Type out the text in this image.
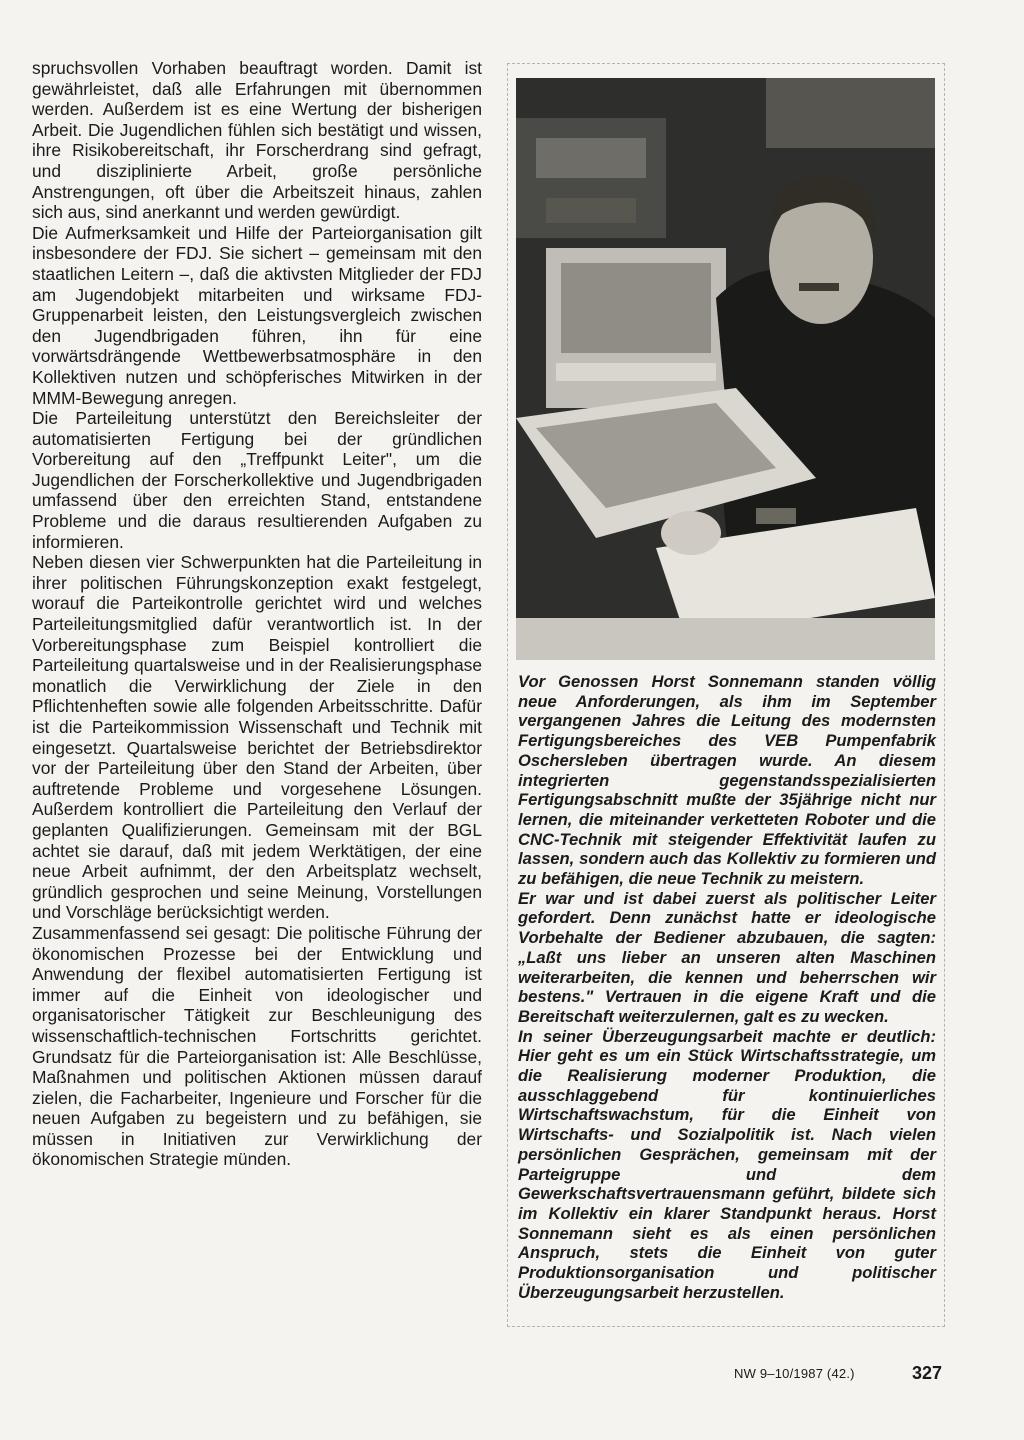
spruchsvollen Vorhaben beauftragt worden. Damit ist gewährleistet, daß alle Erfahrungen mit übernommen werden. Außerdem ist es eine Wertung der bisherigen Arbeit. Die Jugendlichen fühlen sich bestätigt und wissen, ihre Risikobereitschaft, ihr Forscherdrang sind gefragt, und disziplinierte Arbeit, große persönliche Anstrengungen, oft über die Arbeitszeit hinaus, zahlen sich aus, sind anerkannt und werden gewürdigt.

Die Aufmerksamkeit und Hilfe der Parteiorganisation gilt insbesondere der FDJ. Sie sichert – gemeinsam mit den staatlichen Leitern –, daß die aktivsten Mitglieder der FDJ am Jugendobjekt mitarbeiten und wirksame FDJ-Gruppenarbeit leisten, den Leistungsvergleich zwischen den Jugendbrigaden führen, ihn für eine vorwärtsdrängende Wettbewerbsatmosphäre in den Kollektiven nutzen und schöpferisches Mitwirken in der MMM-Bewegung anregen.

Die Parteileitung unterstützt den Bereichsleiter der automatisierten Fertigung bei der gründlichen Vorbereitung auf den „Treffpunkt Leiter", um die Jugendlichen der Forscherkollektive und Jugendbrigaden umfassend über den erreichten Stand, entstandene Probleme und die daraus resultierenden Aufgaben zu informieren.

Neben diesen vier Schwerpunkten hat die Parteileitung in ihrer politischen Führungskonzeption exakt festgelegt, worauf die Parteikontrolle gerichtet wird und welches Parteileitungsmitglied dafür verantwortlich ist. In der Vorbereitungsphase zum Beispiel kontrolliert die Parteileitung quartalsweise und in der Realisierungsphase monatlich die Verwirklichung der Ziele in den Pflichtenheften sowie alle folgenden Arbeitsschritte. Dafür ist die Parteikommission Wissenschaft und Technik mit eingesetzt. Quartalsweise berichtet der Betriebsdirektor vor der Parteileitung über den Stand der Arbeiten, über auftretende Probleme und vorgesehene Lösungen. Außerdem kontrolliert die Parteileitung den Verlauf der geplanten Qualifizierungen. Gemeinsam mit der BGL achtet sie darauf, daß mit jedem Werktätigen, der eine neue Arbeit aufnimmt, der den Arbeitsplatz wechselt, gründlich gesprochen und seine Meinung, Vorstellungen und Vorschläge berücksichtigt werden.

Zusammenfassend sei gesagt: Die politische Führung der ökonomischen Prozesse bei der Entwicklung und Anwendung der flexibel automatisierten Fertigung ist immer auf die Einheit von ideologischer und organisatorischer Tätigkeit zur Beschleunigung des wissenschaftlich-technischen Fortschritts gerichtet. Grundsatz für die Parteiorganisation ist: Alle Beschlüsse, Maßnahmen und politischen Aktionen müssen darauf zielen, die Facharbeiter, Ingenieure und Forscher für die neuen Aufgaben zu begeistern und zu befähigen, sie müssen in Initiativen zur Verwirklichung der ökonomischen Strategie münden.

Vor Genossen Horst Sonnemann standen völlig neue Anforderungen, als ihm im September vergangenen Jahres die Leitung des modernsten Fertigungsbereiches des VEB Pumpenfabrik Oschersleben übertragen wurde. An diesem integrierten gegenstandsspezialisierten Fertigungsabschnitt mußte der 35jährige nicht nur lernen, die miteinander verketteten Roboter und die CNC-Technik mit steigender Effektivität laufen zu lassen, sondern auch das Kollektiv zu formieren und zu befähigen, die neue Technik zu meistern.

Er war und ist dabei zuerst als politischer Leiter gefordert. Denn zunächst hatte er ideologische Vorbehalte der Bediener abzubauen, die sagten: „Laßt uns lieber an unseren alten Maschinen weiterarbeiten, die kennen und beherrschen wir bestens." Vertrauen in die eigene Kraft und die Bereitschaft weiterzulernen, galt es zu wecken.

In seiner Überzeugungsarbeit machte er deutlich: Hier geht es um ein Stück Wirtschaftsstrategie, um die Realisierung moderner Produktion, die ausschlaggebend für kontinuierliches Wirtschaftswachstum, für die Einheit von Wirtschafts- und Sozialpolitik ist. Nach vielen persönlichen Gesprächen, gemeinsam mit der Parteigruppe und dem Gewerkschaftsvertrauensmann geführt, bildete sich im Kollektiv ein klarer Standpunkt heraus. Horst Sonnemann sieht es als einen persönlichen Anspruch, stets die Einheit von guter Produktionsorganisation und politischer Überzeugungsarbeit herzustellen.

NW 9–10/1987 (42.)	327
